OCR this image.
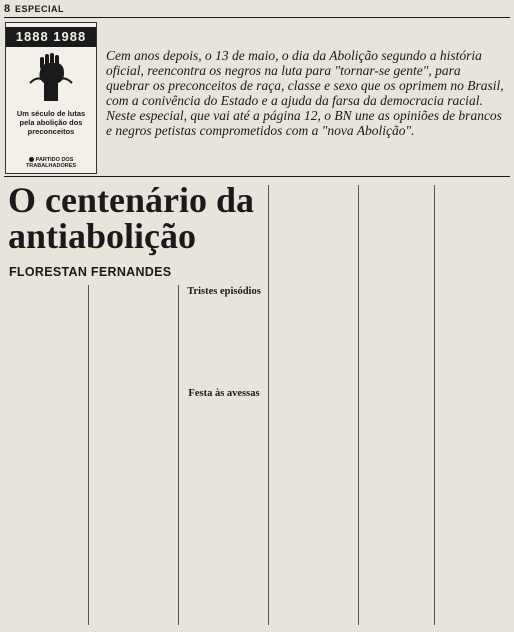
8 ESPECIAL
1888 1988
Um século de lutas pela abolição dos preconceitos
PARTIDO DOS TRABALHADORES
Cem anos depois, o 13 de maio, o dia da Abolição segundo a história oficial, reencontra os negros na luta para "tornar-se gente", para quebrar os preconceitos de raça, classe e sexo que os oprimem no Brasil, com a conivência do Estado e a ajuda da farsa da democracia racial. Neste especial, que vai até a página 12, o BN une as opiniões de brancos e negros petistas comprometidos com a "nova Abolição".
O centenário da antiabolição
FLORESTAN FERNANDES
Tristes episódios
Festa às avessas
